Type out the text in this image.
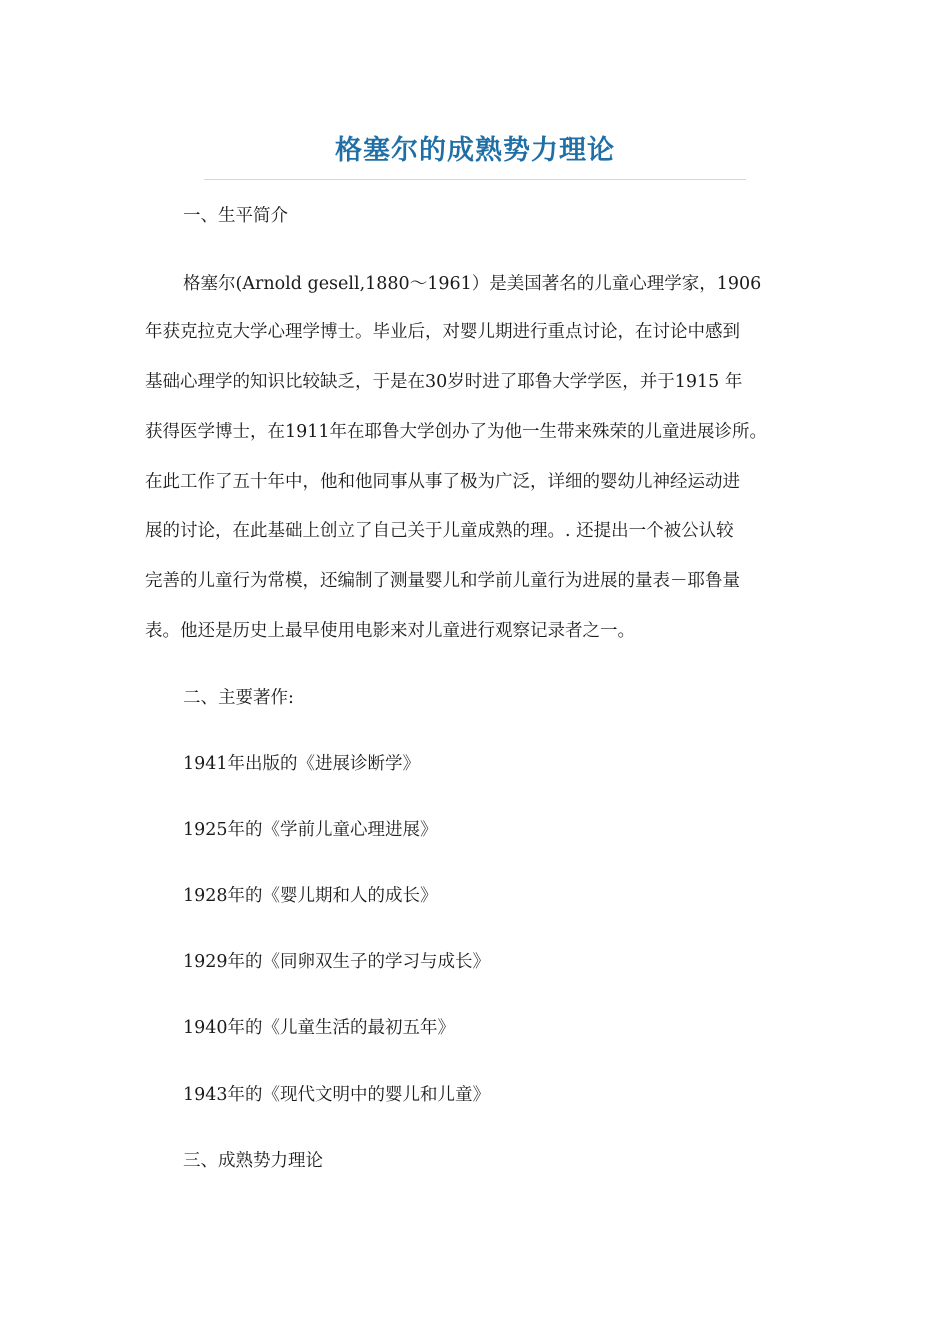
格塞尔的成熟势力理论
一、生平简介
格塞尔(Arnold gesell,1880～1961）是美国著名的儿童心理学家，1906
年获克拉克大学心理学博士。毕业后，对婴儿期进行重点讨论，在讨论中感到
基础心理学的知识比较缺乏，于是在30岁时进了耶鲁大学学医，并于1915 年
获得医学博士，在1911年在耶鲁大学创办了为他一生带来殊荣的儿童进展诊所。
在此工作了五十年中，他和他同事从事了极为广泛，详细的婴幼儿神经运动进
展的讨论，在此基础上创立了自己关于儿童成熟的理。. 还提出一个被公认较
完善的儿童行为常模，还编制了测量婴儿和学前儿童行为进展的量表－耶鲁量
表。他还是历史上最早使用电影来对儿童进行观察记录者之一。
二、主要著作:
1941年出版的《进展诊断学》
1925年的《学前儿童心理进展》
1928年的《婴儿期和人的成长》
1929年的《同卵双生子的学习与成长》
1940年的《儿童生活的最初五年》
1943年的《现代文明中的婴儿和儿童》
三、成熟势力理论
